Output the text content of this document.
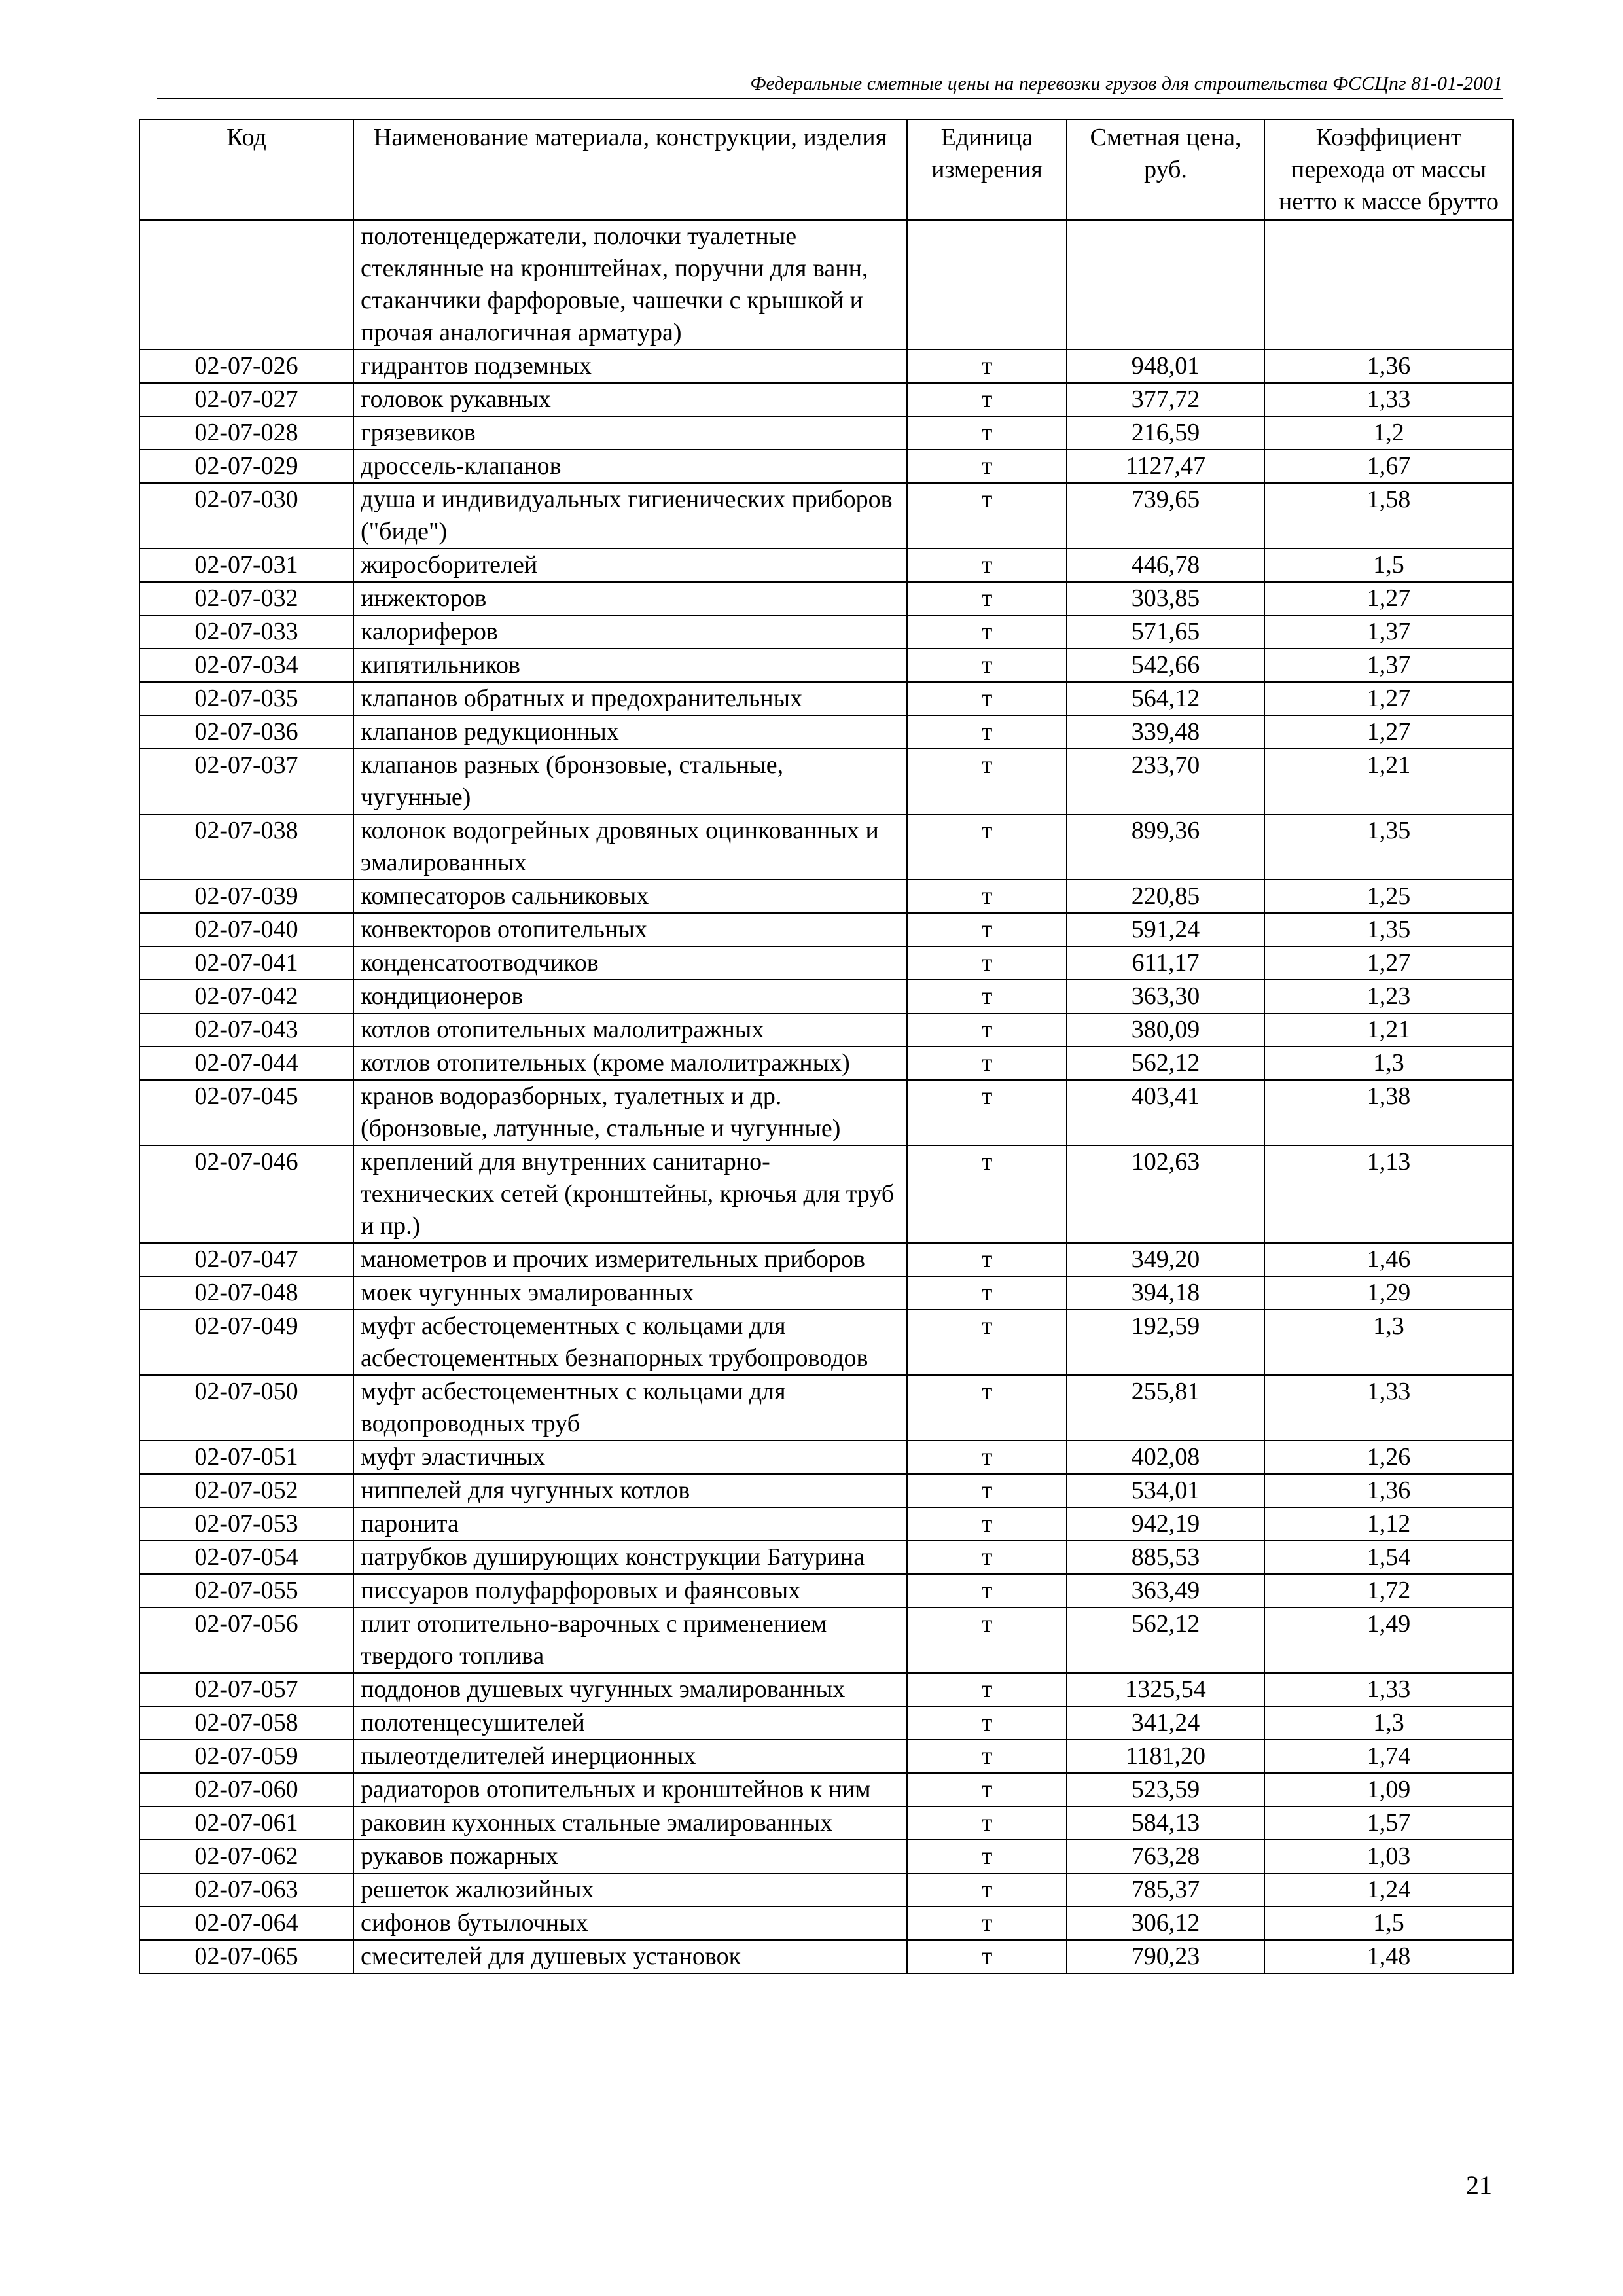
Федеральные сметные цены на перевозки грузов для строительства ФССЦпг 81-01-2001
Код	Наименование материала, конструкции, изделия	Единица измерения	Сметная цена, руб.	Коэффициент перехода от массы нетто к массе брутто
	полотенцедержатели, полочки туалетные стеклянные на кронштейнах, поручни для ванн, стаканчики фарфоровые, чашечки с крышкой и прочая аналогичная арматура)			
02-07-026	гидрантов подземных	т	948,01	1,36
02-07-027	головок рукавных	т	377,72	1,33
02-07-028	грязевиков	т	216,59	1,2
02-07-029	дроссель-клапанов	т	1127,47	1,67
02-07-030	душа и индивидуальных гигиенических приборов ("биде")	т	739,65	1,58
02-07-031	жиросборителей	т	446,78	1,5
02-07-032	инжекторов	т	303,85	1,27
02-07-033	калориферов	т	571,65	1,37
02-07-034	кипятильников	т	542,66	1,37
02-07-035	клапанов обратных и предохранительных	т	564,12	1,27
02-07-036	клапанов редукционных	т	339,48	1,27
02-07-037	клапанов разных (бронзовые, стальные, чугунные)	т	233,70	1,21
02-07-038	колонок водогрейных дровяных оцинкованных и эмалированных	т	899,36	1,35
02-07-039	компесаторов сальниковых	т	220,85	1,25
02-07-040	конвекторов отопительных	т	591,24	1,35
02-07-041	конденсатоотводчиков	т	611,17	1,27
02-07-042	кондиционеров	т	363,30	1,23
02-07-043	котлов отопительных малолитражных	т	380,09	1,21
02-07-044	котлов отопительных (кроме малолитражных)	т	562,12	1,3
02-07-045	кранов водоразборных, туалетных и др. (бронзовые, латунные, стальные и чугунные)	т	403,41	1,38
02-07-046	креплений для внутренних санитарно-технических сетей (кронштейны, крючья для труб и пр.)	т	102,63	1,13
02-07-047	манометров и прочих измерительных приборов	т	349,20	1,46
02-07-048	моек чугунных эмалированных	т	394,18	1,29
02-07-049	муфт асбестоцементных с кольцами для асбестоцементных безнапорных трубопроводов	т	192,59	1,3
02-07-050	муфт асбестоцементных с кольцами для водопроводных труб	т	255,81	1,33
02-07-051	муфт эластичных	т	402,08	1,26
02-07-052	ниппелей для чугунных котлов	т	534,01	1,36
02-07-053	паронита	т	942,19	1,12
02-07-054	патрубков душирующих конструкции Батурина	т	885,53	1,54
02-07-055	писсуаров полуфарфоровых и фаянсовых	т	363,49	1,72
02-07-056	плит отопительно-варочных с применением твердого топлива	т	562,12	1,49
02-07-057	поддонов душевых чугунных эмалированных	т	1325,54	1,33
02-07-058	полотенцесушителей	т	341,24	1,3
02-07-059	пылеотделителей инерционных	т	1181,20	1,74
02-07-060	радиаторов отопительных и кронштейнов к ним	т	523,59	1,09
02-07-061	раковин кухонных стальные эмалированных	т	584,13	1,57
02-07-062	рукавов пожарных	т	763,28	1,03
02-07-063	решеток жалюзийных	т	785,37	1,24
02-07-064	сифонов бутылочных	т	306,12	1,5
02-07-065	смесителей для душевых установок	т	790,23	1,48
21
